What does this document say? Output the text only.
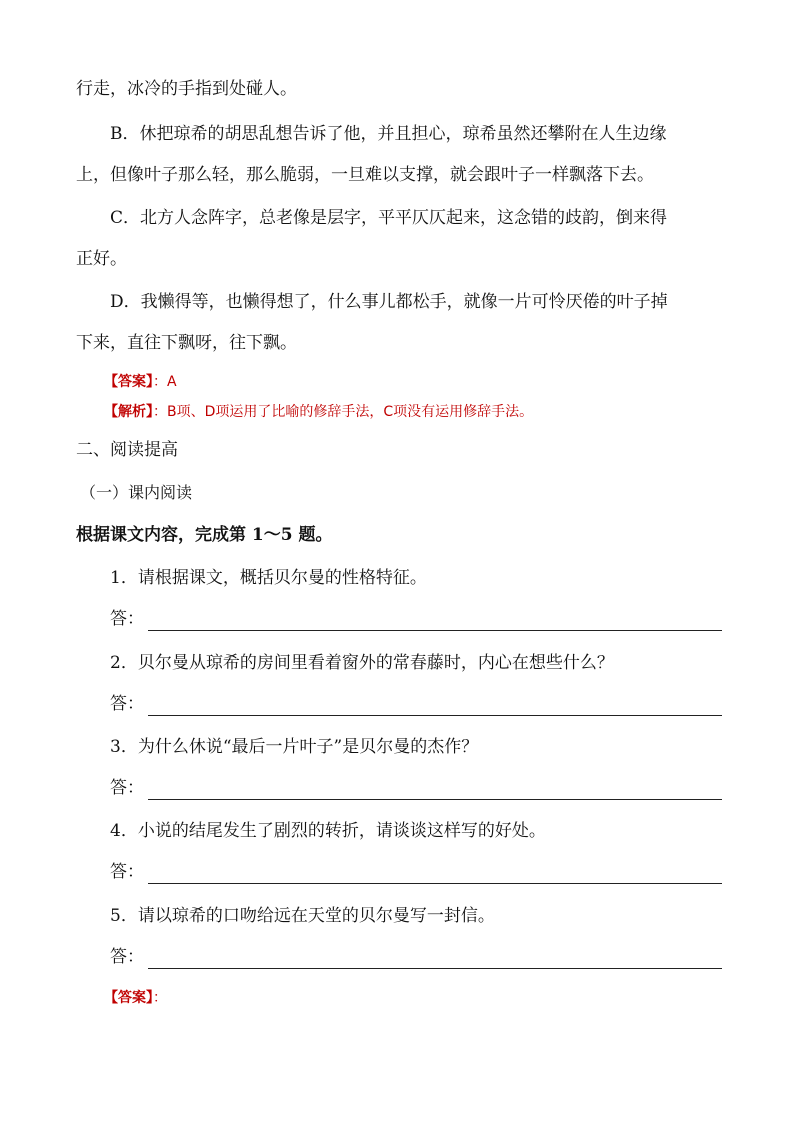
行走，冰冷的手指到处碰人。
B．休把琼希的胡思乱想告诉了他，并且担心，琼希虽然还攀附在人生边缘
上，但像叶子那么轻，那么脆弱，一旦难以支撑，就会跟叶子一样飘落下去。
C．北方人念阵字，总老像是层字，平平仄仄起来，这念错的歧韵，倒来得
正好。
D．我懒得等，也懒得想了，什么事儿都松手，就像一片可怜厌倦的叶子掉
下来，直往下飘呀，往下飘。
【答案】：A
【解析】：B项、D项运用了比喻的修辞手法，C项没有运用修辞手法。
二、阅读提高
（一）课内阅读
根据课文内容，完成第 1～5 题。
1．请根据课文，概括贝尔曼的性格特征。
答：
2．贝尔曼从琼希的房间里看着窗外的常春藤时，内心在想些什么？
答：
3．为什么休说“最后一片叶子”是贝尔曼的杰作？
答：
4．小说的结尾发生了剧烈的转折，请谈谈这样写的好处。
答：
5．请以琼希的口吻给远在天堂的贝尔曼写一封信。
答：
【答案】：
